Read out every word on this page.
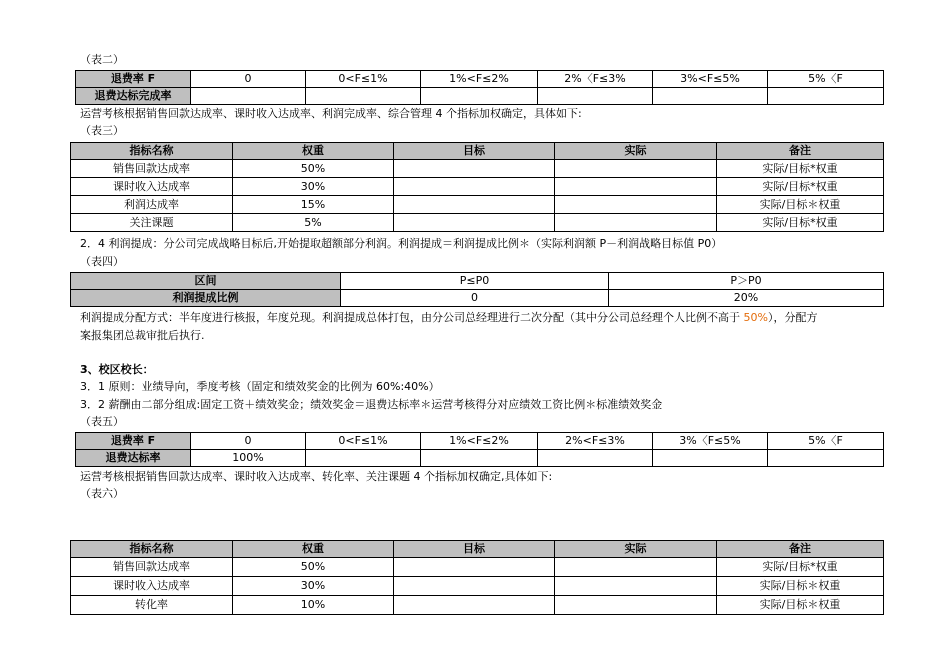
（表二）
退费率 F	0	0<F≤1%	1%<F≤2%	2%〈F≤3%	3%<F≤5%	5%〈F
退费达标完成率						
运营考核根据销售回款达成率、课时收入达成率、利润完成率、综合管理 4 个指标加权确定，具体如下:
（表三）
指标名称	权重	目标	实际	备注
销售回款达成率	50%			实际/目标*权重
课时收入达成率	30%			实际/目标*权重
利润达成率	15%			实际/目标＊权重
关注课题	5%			实际/目标*权重
2．4 利润提成：分公司完成战略目标后,开始提取超额部分利润。利润提成＝利润提成比例＊（实际利润额 P－利润战略目标值 P0）
（表四）
区间	P≤P0	P＞P0
利润提成比例	0	20%
利润提成分配方式：半年度进行核报，年度兑现。利润提成总体打包，由分公司总经理进行二次分配（其中分公司总经理个人比例不高于 50%），分配方
案报集团总裁审批后执行.
3、校区校长：
3．1 原则：业绩导向，季度考核（固定和绩效奖金的比例为 60%:40%）
3．2 薪酬由二部分组成:固定工资＋绩效奖金；绩效奖金＝退费达标率＊运营考核得分对应绩效工资比例＊标准绩效奖金
（表五）
退费率 F	0	0<F≤1%	1%<F≤2%	2%<F≤3%	3%〈F≤5%	5%〈F
退费达标率	100%					
运营考核根据销售回款达成率、课时收入达成率、转化率、关注课题 4 个指标加权确定,具体如下:
（表六）
指标名称	权重	目标	实际	备注
销售回款达成率	50%			实际/目标*权重
课时收入达成率	30%			实际/目标＊权重
转化率	10%			实际/目标＊权重
